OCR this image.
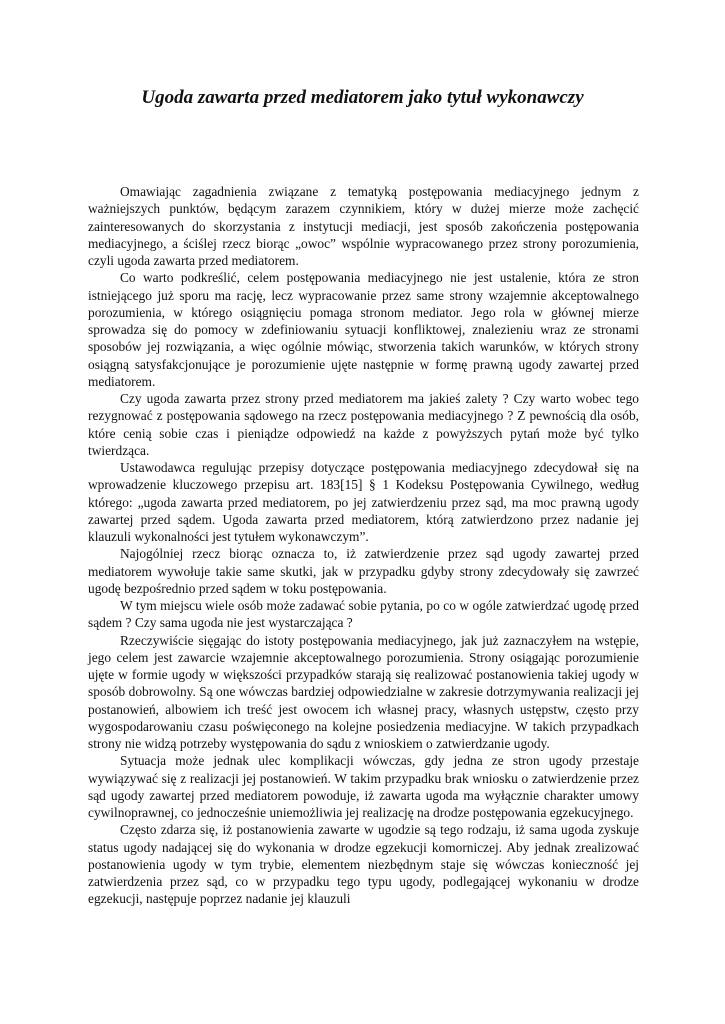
Ugoda zawarta przed mediatorem jako tytuł wykonawczy

Omawiając zagadnienia związane z tematyką postępowania mediacyjnego jednym z ważniejszych punktów, będącym zarazem czynnikiem, który w dużej mierze może zachęcić zainteresowanych do skorzystania z instytucji mediacji, jest sposób zakończenia postępowania mediacyjnego, a ściślej rzecz biorąc „owoc” wspólnie wypracowanego przez strony porozumienia, czyli ugoda zawarta przed mediatorem.

Co warto podkreślić, celem postępowania mediacyjnego nie jest ustalenie, która ze stron istniejącego już sporu ma rację, lecz wypracowanie przez same strony wzajemnie akceptowalnego porozumienia, w którego osiągnięciu pomaga stronom mediator. Jego rola w głównej mierze sprowadza się do pomocy w zdefiniowaniu sytuacji konfliktowej, znalezieniu wraz ze stronami sposobów jej rozwiązania, a więc ogólnie mówiąc, stworzenia takich warunków, w których strony osiągną satysfakcjonujące je porozumienie ujęte następnie w formę prawną ugody zawartej przed mediatorem.

Czy ugoda zawarta przez strony przed mediatorem ma jakieś zalety ? Czy warto wobec tego rezygnować z postępowania sądowego na rzecz postępowania mediacyjnego ? Z pewnością dla osób, które cenią sobie czas i pieniądze odpowiedź na każde z powyższych pytań może być tylko twierdząca.

Ustawodawca regulując przepisy dotyczące postępowania mediacyjnego zdecydował się na wprowadzenie kluczowego przepisu art. 183[15] § 1 Kodeksu Postępowania Cywilnego, według którego: „ugoda zawarta przed mediatorem, po jej zatwierdzeniu przez sąd, ma moc prawną ugody zawartej przed sądem. Ugoda zawarta przed mediatorem, którą zatwierdzono przez nadanie jej klauzuli wykonalności jest tytułem wykonawczym”.

Najogólniej rzecz biorąc oznacza to, iż zatwierdzenie przez sąd ugody zawartej przed mediatorem wywołuje takie same skutki, jak w przypadku gdyby strony zdecydowały się zawrzeć ugodę bezpośrednio przed sądem w toku postępowania.

W tym miejscu wiele osób może zadawać sobie pytania, po co w ogóle zatwierdzać ugodę przed sądem ? Czy sama ugoda nie jest wystarczająca ?

Rzeczywiście sięgając do istoty postępowania mediacyjnego, jak już zaznaczyłem na wstępie, jego celem jest zawarcie wzajemnie akceptowalnego porozumienia. Strony osiągając porozumienie ujęte w formie ugody w większości przypadków starają się realizować postanowienia takiej ugody w sposób dobrowolny. Są one wówczas bardziej odpowiedzialne w zakresie dotrzymywania realizacji jej postanowień, albowiem ich treść jest owocem ich własnej pracy, własnych ustępstw, często przy wygospodarowaniu czasu poświęconego na kolejne posiedzenia mediacyjne. W takich przypadkach strony nie widzą potrzeby występowania do sądu z wnioskiem o zatwierdzanie ugody.

Sytuacja może jednak ulec komplikacji wówczas, gdy jedna ze stron ugody przestaje wywiązywać się z realizacji jej postanowień. W takim przypadku brak wniosku o zatwierdzenie przez sąd ugody zawartej przed mediatorem powoduje, iż zawarta ugoda ma wyłącznie charakter umowy cywilnoprawnej, co jednocześnie uniemożliwia jej realizację na drodze postępowania egzekucyjnego.

Często zdarza się, iż postanowienia zawarte w ugodzie są tego rodzaju, iż sama ugoda zyskuje status ugody nadającej się do wykonania w drodze egzekucji komorniczej. Aby jednak zrealizować postanowienia ugody w tym trybie, elementem niezbędnym staje się wówczas konieczność jej zatwierdzenia przez sąd, co w przypadku tego typu ugody, podlegającej wykonaniu w drodze egzekucji, następuje poprzez nadanie jej klauzuli
